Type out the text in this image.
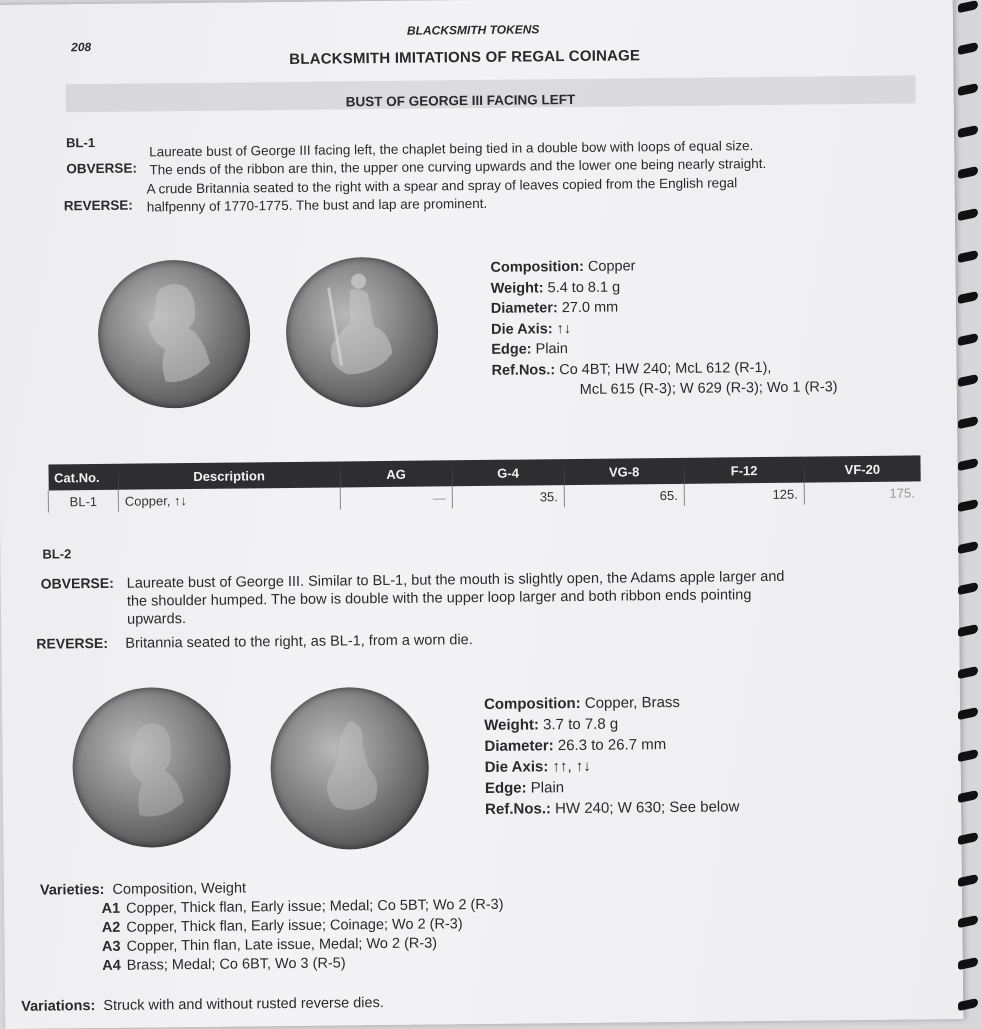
208
BLACKSMITH TOKENS
BLACKSMITH IMITATIONS OF REGAL COINAGE
BUST OF GEORGE III FACING LEFT
BL-1
OBVERSE:
Laureate bust of George III facing left, the chaplet being tied in a double bow with loops of equal size.
The ends of the ribbon are thin, the upper one curving upwards and the lower one being nearly straight.
REVERSE:
A crude Britannia seated to the right with a spear and spray of leaves copied from the English regal
halfpenny of 1770-1775. The bust and lap are prominent.
Composition: Copper
Weight: 5.4 to 8.1 g
Diameter: 27.0 mm
Die Axis: ↑↓
Edge: Plain
Ref.Nos.: Co 4BT; HW 240; McL 612 (R-1),
McL 615 (R-3); W 629 (R-3); Wo 1 (R-3)
Cat.No.	Description	AG	G-4	VG-8	F-12	VF-20
BL-1	Copper, ↑↓	—	35.	65.	125.	175.
BL-2
OBVERSE: Laureate bust of George III. Similar to BL-1, but the mouth is slightly open, the Adams apple larger and
the shoulder humped. The bow is double with the upper loop larger and both ribbon ends pointing
upwards.
REVERSE: Britannia seated to the right, as BL-1, from a worn die.
Composition: Copper, Brass
Weight: 3.7 to 7.8 g
Diameter: 26.3 to 26.7 mm
Die Axis: ↑↑, ↑↓
Edge: Plain
Ref.Nos.: HW 240; W 630; See below
Varieties: Composition, Weight
A1 Copper, Thick flan, Early issue; Medal; Co 5BT; Wo 2 (R-3)
A2 Copper, Thick flan, Early issue; Coinage; Wo 2 (R-3)
A3 Copper, Thin flan, Late issue, Medal; Wo 2 (R-3)
A4 Brass; Medal; Co 6BT, Wo 3 (R-5)
Variations: Struck with and without rusted reverse dies.
